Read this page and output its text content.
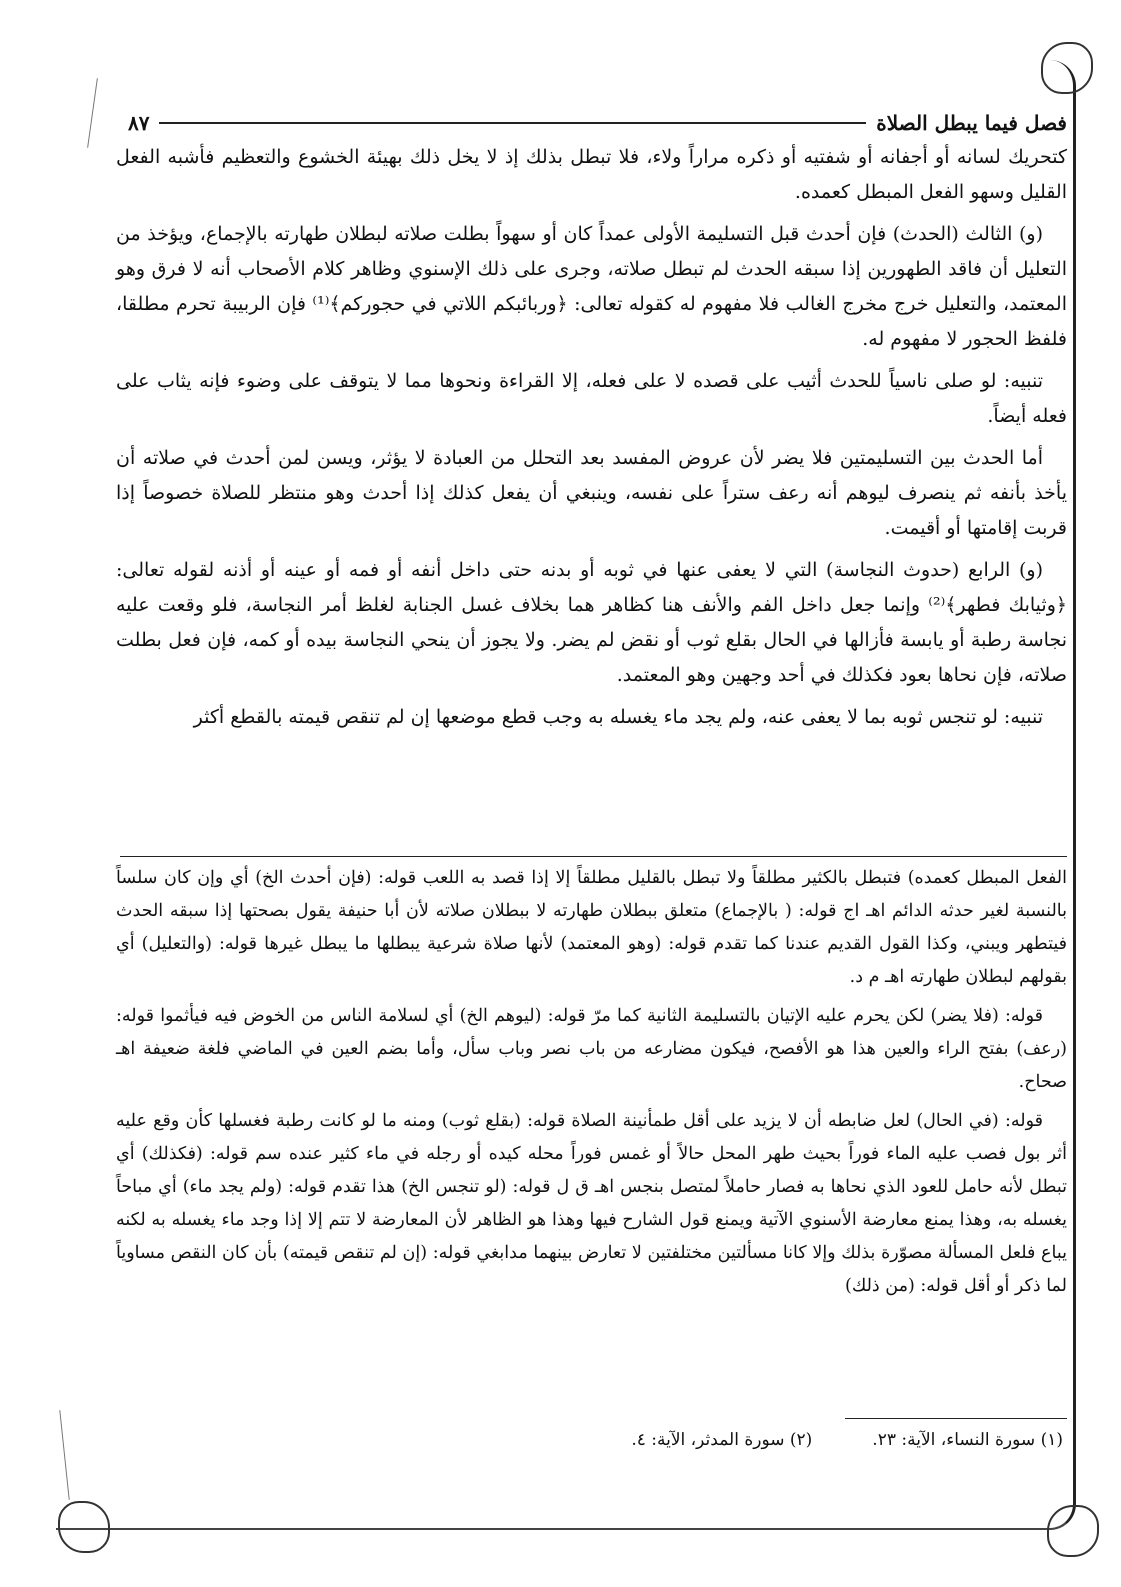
فصل فيما يبطل الصلاة
٨٧

كتحريك لسانه أو أجفانه أو شفتيه أو ذكره مراراً ولاء، فلا تبطل بذلك إذ لا يخل ذلك بهيئة الخشوع والتعظيم فأشبه الفعل القليل وسهو الفعل المبطل كعمده.

(و) الثالث (الحدث) فإن أحدث قبل التسليمة الأولى عمداً كان أو سهواً بطلت صلاته لبطلان طهارته بالإجماع، ويؤخذ من التعليل أن فاقد الطهورين إذا سبقه الحدث لم تبطل صلاته، وجرى على ذلك الإسنوي وظاهر كلام الأصحاب أنه لا فرق وهو المعتمد، والتعليل خرج مخرج الغالب فلا مفهوم له كقوله تعالى: ﴿وربائبكم اللاتي في حجوركم﴾⁽¹⁾ فإن الربيبة تحرم مطلقا، فلفظ الحجور لا مفهوم له.

تنبيه: لو صلى ناسياً للحدث أثيب على قصده لا على فعله، إلا القراءة ونحوها مما لا يتوقف على وضوء فإنه يثاب على فعله أيضاً.

أما الحدث بين التسليمتين فلا يضر لأن عروض المفسد بعد التحلل من العبادة لا يؤثر، ويسن لمن أحدث في صلاته أن يأخذ بأنفه ثم ينصرف ليوهم أنه رعف ستراً على نفسه، وينبغي أن يفعل كذلك إذا أحدث وهو منتظر للصلاة خصوصاً إذا قربت إقامتها أو أقيمت.

(و) الرابع (حدوث النجاسة) التي لا يعفى عنها في ثوبه أو بدنه حتى داخل أنفه أو فمه أو عينه أو أذنه لقوله تعالى: ﴿وثيابك فطهر﴾⁽²⁾ وإنما جعل داخل الفم والأنف هنا كظاهر هما بخلاف غسل الجنابة لغلظ أمر النجاسة، فلو وقعت عليه نجاسة رطبة أو يابسة فأزالها في الحال بقلع ثوب أو نقض لم يضر. ولا يجوز أن ينحي النجاسة بيده أو كمه، فإن فعل بطلت صلاته، فإن نحاها بعود فكذلك في أحد وجهين وهو المعتمد.

تنبيه: لو تنجس ثوبه بما لا يعفى عنه، ولم يجد ماء يغسله به وجب قطع موضعها إن لم تنقص قيمته بالقطع أكثر

الفعل المبطل كعمده) فتبطل بالكثير مطلقاً ولا تبطل بالقليل مطلقاً إلا إذا قصد به اللعب قوله: (فإن أحدث الخ) أي وإن كان سلساً بالنسبة لغير حدثه الدائم اهـ اج قوله: ( بالإجماع) متعلق ببطلان طهارته لا ببطلان صلاته لأن أبا حنيفة يقول بصحتها إذا سبقه الحدث فيتطهر ويبني، وكذا القول القديم عندنا كما تقدم قوله: (وهو المعتمد) لأنها صلاة شرعية يبطلها ما يبطل غيرها قوله: (والتعليل) أي بقولهم لبطلان طهارته اهـ م د.

قوله: (فلا يضر) لكن يحرم عليه الإتيان بالتسليمة الثانية كما مرّ قوله: (ليوهم الخ) أي لسلامة الناس من الخوض فيه فيأثموا قوله: (رعف) بفتح الراء والعين هذا هو الأفصح، فيكون مضارعه من باب نصر وباب سأل، وأما بضم العين في الماضي فلغة ضعيفة اهـ صحاح.

قوله: (في الحال) لعل ضابطه أن لا يزيد على أقل طمأنينة الصلاة قوله: (بقلع ثوب) ومنه ما لو كانت رطبة فغسلها كأن وقع عليه أثر بول فصب عليه الماء فوراً بحيث طهر المحل حالاً أو غمس فوراً محله كيده أو رجله في ماء كثير عنده سم قوله: (فكذلك) أي تبطل لأنه حامل للعود الذي نحاها به فصار حاملاً لمتصل بنجس اهـ ق ل قوله: (لو تنجس الخ) هذا تقدم قوله: (ولم يجد ماء) أي مباحاً يغسله به، وهذا يمنع معارضة الأسنوي الآتية ويمنع قول الشارح فيها وهذا هو الظاهر لأن المعارضة لا تتم إلا إذا وجد ماء يغسله به لكنه يباع فلعل المسألة مصوّرة بذلك وإلا كانا مسألتين مختلفتين لا تعارض بينهما مدابغي قوله: (إن لم تنقص قيمته) بأن كان النقص مساوياً لما ذكر أو أقل قوله: (من ذلك)

(١) سورة النساء، الآية: ٢٣.
(٢) سورة المدثر، الآية: ٤.
